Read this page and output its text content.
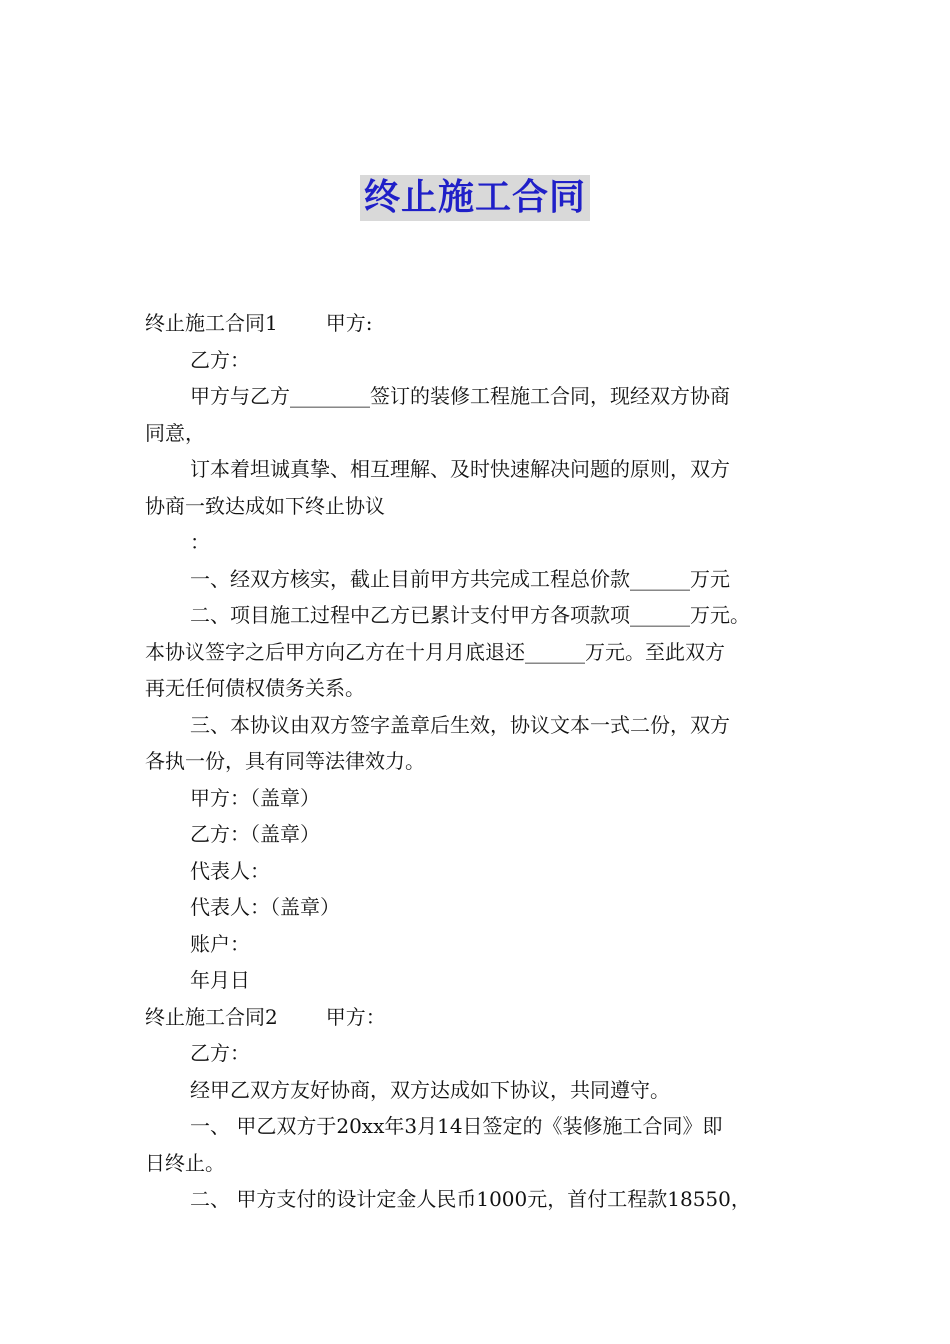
终止施工合同
终止施工合同1 甲方:
乙方：
甲方与乙方________签订的装修工程施工合同，现经双方协商
同意，
订本着坦诚真挚、相互理解、及时快速解决问题的原则，双方
协商一致达成如下终止协议
：
一、经双方核实，截止目前甲方共完成工程总价款______万元
二、项目施工过程中乙方已累计支付甲方各项款项______万元。
本协议签字之后甲方向乙方在十月月底退还______万元。至此双方
再无任何债权债务关系。
三、本协议由双方签字盖章后生效，协议文本一式二份，双方
各执一份，具有同等法律效力。
甲方：（盖章）
乙方：（盖章）
代表人：
代表人：（盖章）
账户：
年月日
终止施工合同2 甲方：
乙方：
经甲乙双方友好协商，双方达成如下协议，共同遵守。
一、 甲乙双方于20xx年3月14日签定的《装修施工合同》即
日终止。
二、 甲方支付的设计定金人民币1000元，首付工程款18550，
